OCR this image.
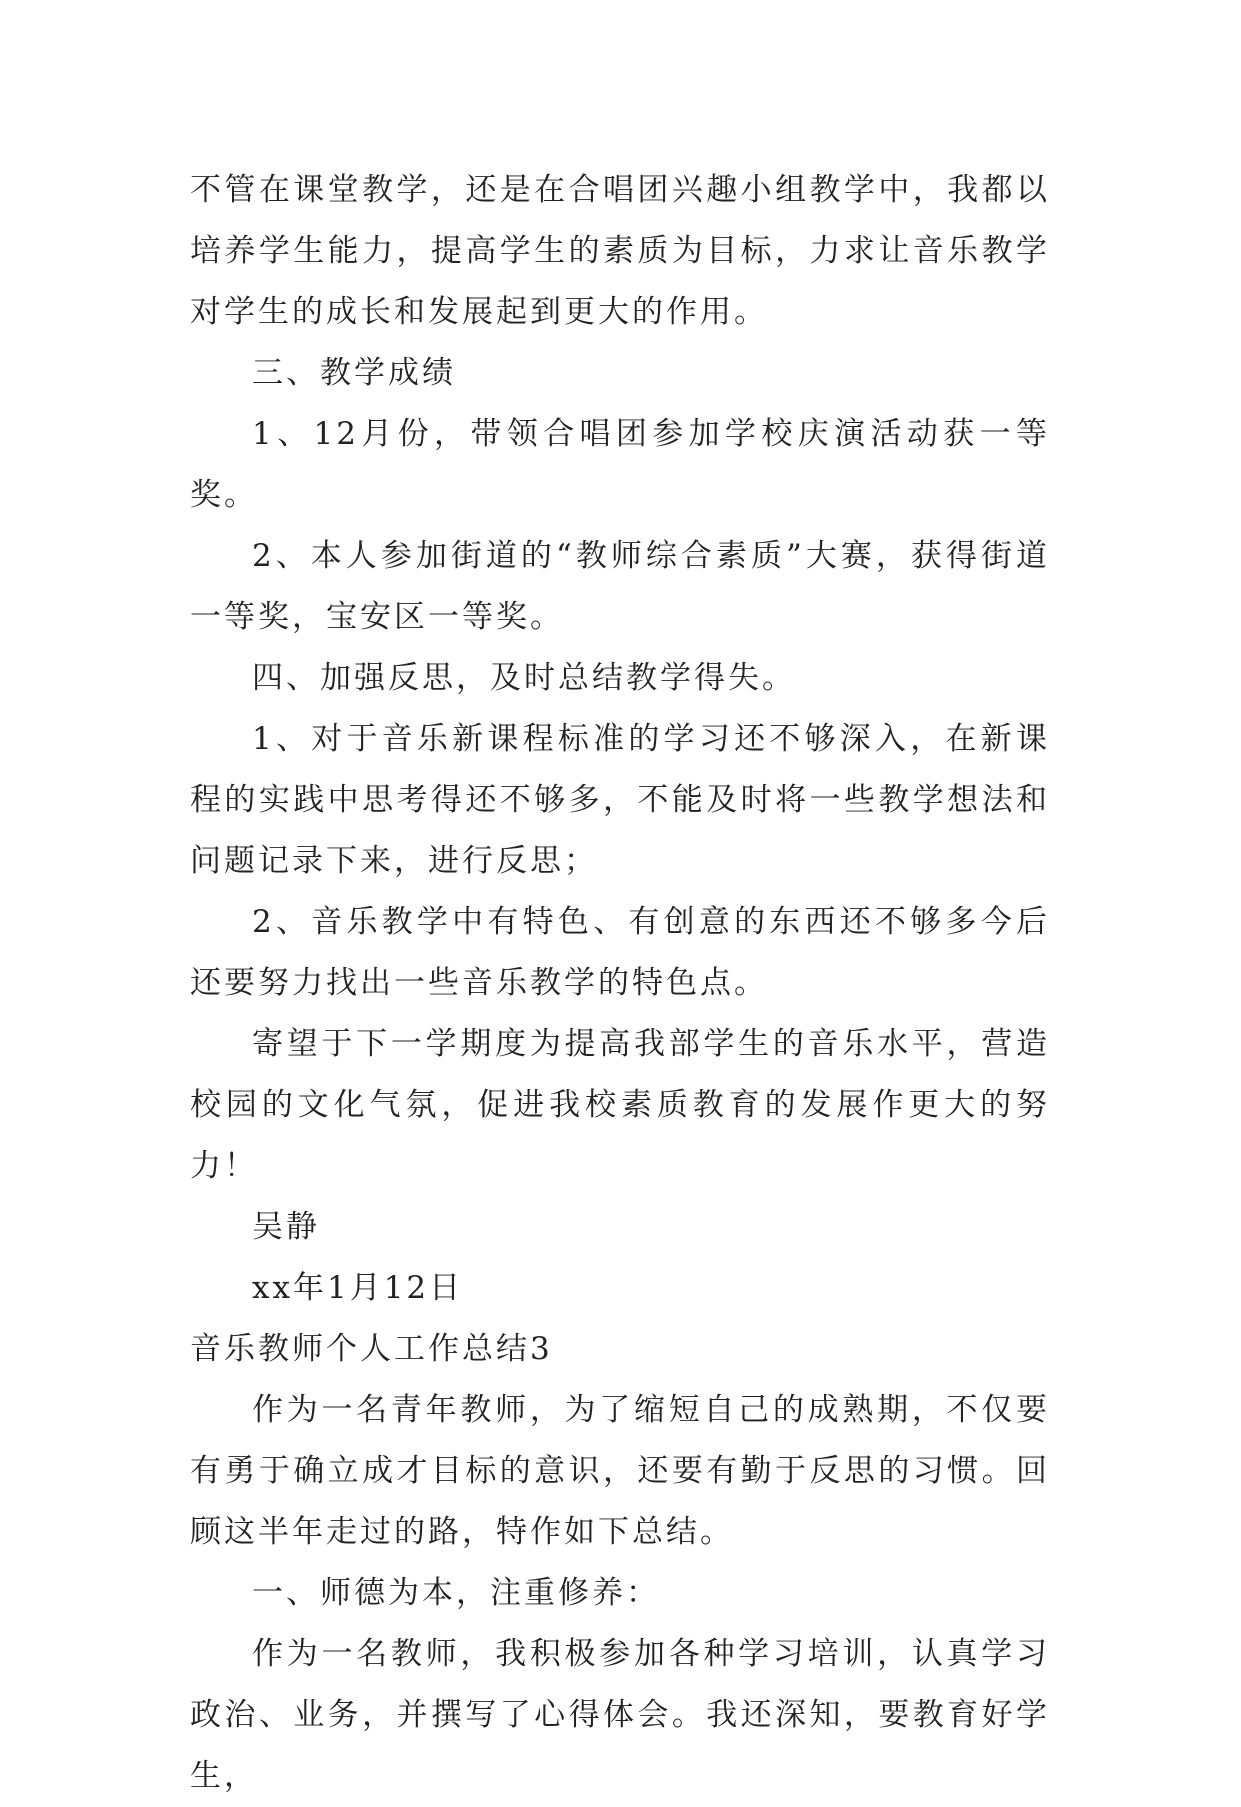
不管在课堂教学，还是在合唱团兴趣小组教学中，我都以培养学生能力，提高学生的素质为目标，力求让音乐教学对学生的成长和发展起到更大的作用。

三、教学成绩

1、12月份，带领合唱团参加学校庆演活动获一等奖。

2、本人参加街道的“教师综合素质”大赛，获得街道一等奖，宝安区一等奖。

四、加强反思，及时总结教学得失。

1、对于音乐新课程标准的学习还不够深入，在新课程的实践中思考得还不够多，不能及时将一些教学想法和问题记录下来，进行反思；

2、音乐教学中有特色、有创意的东西还不够多今后还要努力找出一些音乐教学的特色点。

寄望于下一学期度为提高我部学生的音乐水平，营造校园的文化气氛，促进我校素质教育的发展作更大的努力！

吴静

xx年1月12日

音乐教师个人工作总结3

作为一名青年教师，为了缩短自己的成熟期，不仅要有勇于确立成才目标的意识，还要有勤于反思的习惯。回顾这半年走过的路，特作如下总结。

一、师德为本，注重修养：

作为一名教师，我积极参加各种学习培训，认真学习政治、业务，并撰写了心得体会。我还深知，要教育好学生，
